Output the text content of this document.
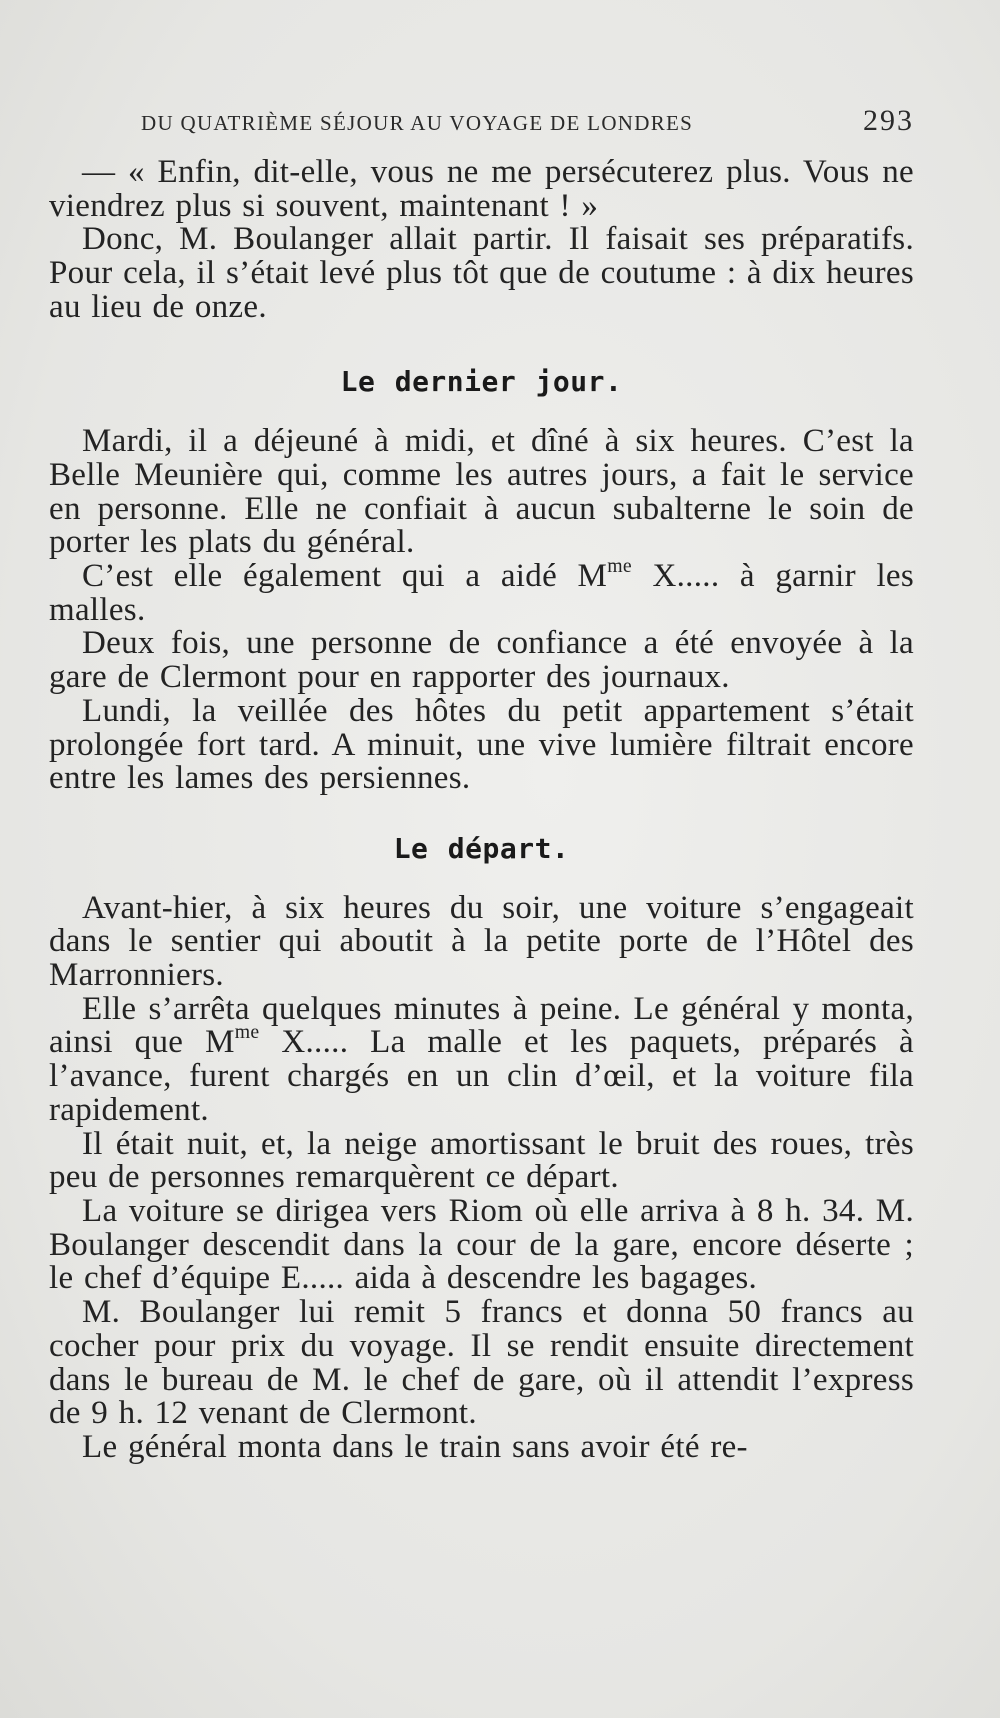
DU QUATRIÈME SÉJOUR AU VOYAGE DE LONDRES	293

— « Enfin, dit-elle, vous ne me persécuterez plus. Vous ne viendrez plus si souvent, maintenant ! »

Donc, M. Boulanger allait partir. Il faisait ses préparatifs. Pour cela, il s’était levé plus tôt que de coutume : à dix heures au lieu de onze.

Le dernier jour.

Mardi, il a déjeuné à midi, et dîné à six heures. C’est la Belle Meunière qui, comme les autres jours, a fait le service en personne. Elle ne confiait à aucun subalterne le soin de porter les plats du général.

C’est elle également qui a aidé $M^{me}$ X..... à garnir les malles.

Deux fois, une personne de confiance a été envoyée à la gare de Clermont pour en rapporter des journaux.

Lundi, la veillée des hôtes du petit appartement s’était prolongée fort tard. A minuit, une vive lumière filtrait encore entre les lames des persiennes.

Le départ.

Avant-hier, à six heures du soir, une voiture s’engageait dans le sentier qui aboutit à la petite porte de l’Hôtel des Marronniers.

Elle s’arrêta quelques minutes à peine. Le général y monta, ainsi que $M^{me}$ X..... La malle et les paquets, préparés à l’avance, furent chargés en un clin d’œil, et la voiture fila rapidement.

Il était nuit, et, la neige amortissant le bruit des roues, très peu de personnes remarquèrent ce départ.

La voiture se dirigea vers Riom où elle arriva à 8 h. 34. M. Boulanger descendit dans la cour de la gare, encore déserte ; le chef d’équipe E..... aida à descendre les bagages.

M. Boulanger lui remit 5 francs et donna 50 francs au cocher pour prix du voyage. Il se rendit ensuite directement dans le bureau de M. le chef de gare, où il attendit l’express de 9 h. 12 venant de Clermont.

Le général monta dans le train sans avoir été re-
